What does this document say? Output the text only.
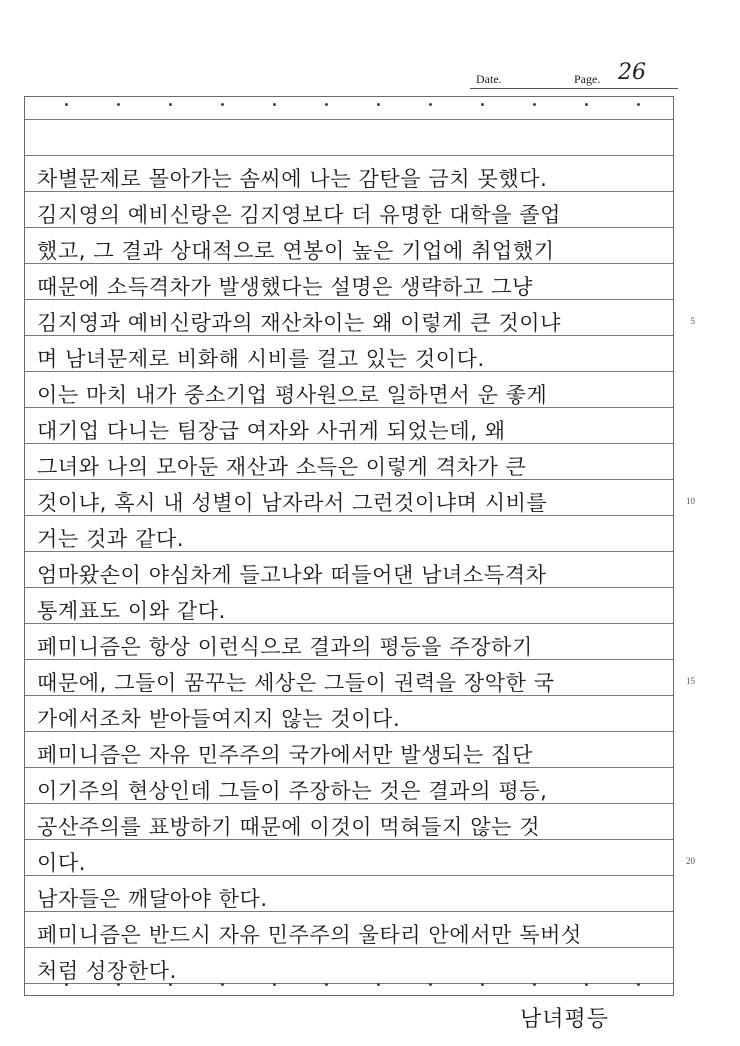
Date.	Page. 26
차별문제로 몰아가는 솜씨에 나는 감탄을 금치 못했다.
김지영의 예비신랑은 김지영보다 더 유명한 대학을 졸업
했고, 그 결과 상대적으로 연봉이 높은 기업에 취업했기
때문에 소득격차가 발생했다는 설명은 생략하고 그냥
김지영과 예비신랑과의 재산차이는 왜 이렇게 큰 것이냐	5
며 남녀문제로 비화해 시비를 걸고 있는 것이다.
이는 마치 내가 중소기업 평사원으로 일하면서 운 좋게
대기업 다니는 팀장급 여자와 사귀게 되었는데, 왜
그녀와 나의 모아둔 재산과 소득은 이렇게 격차가 큰
것이냐, 혹시 내 성별이 남자라서 그런것이냐며 시비를	10
거는 것과 같다.
엄마왔손이 야심차게 들고나와 떠들어댄 남녀소득격차
통계표도 이와 같다.
페미니즘은 항상 이런식으로 결과의 평등을 주장하기
때문에, 그들이 꿈꾸는 세상은 그들이 권력을 장악한 국	15
가에서조차 받아들여지지 않는 것이다.
페미니즘은 자유 민주주의 국가에서만 발생되는 집단
이기주의 현상인데 그들이 주장하는 것은 결과의 평등,
공산주의를 표방하기 때문에 이것이 먹혀들지 않는 것
이다.	20
남자들은 깨달아야 한다.
페미니즘은 반드시 자유 민주주의 울타리 안에서만 독버섯
처럼 성장한다.
남녀평등
